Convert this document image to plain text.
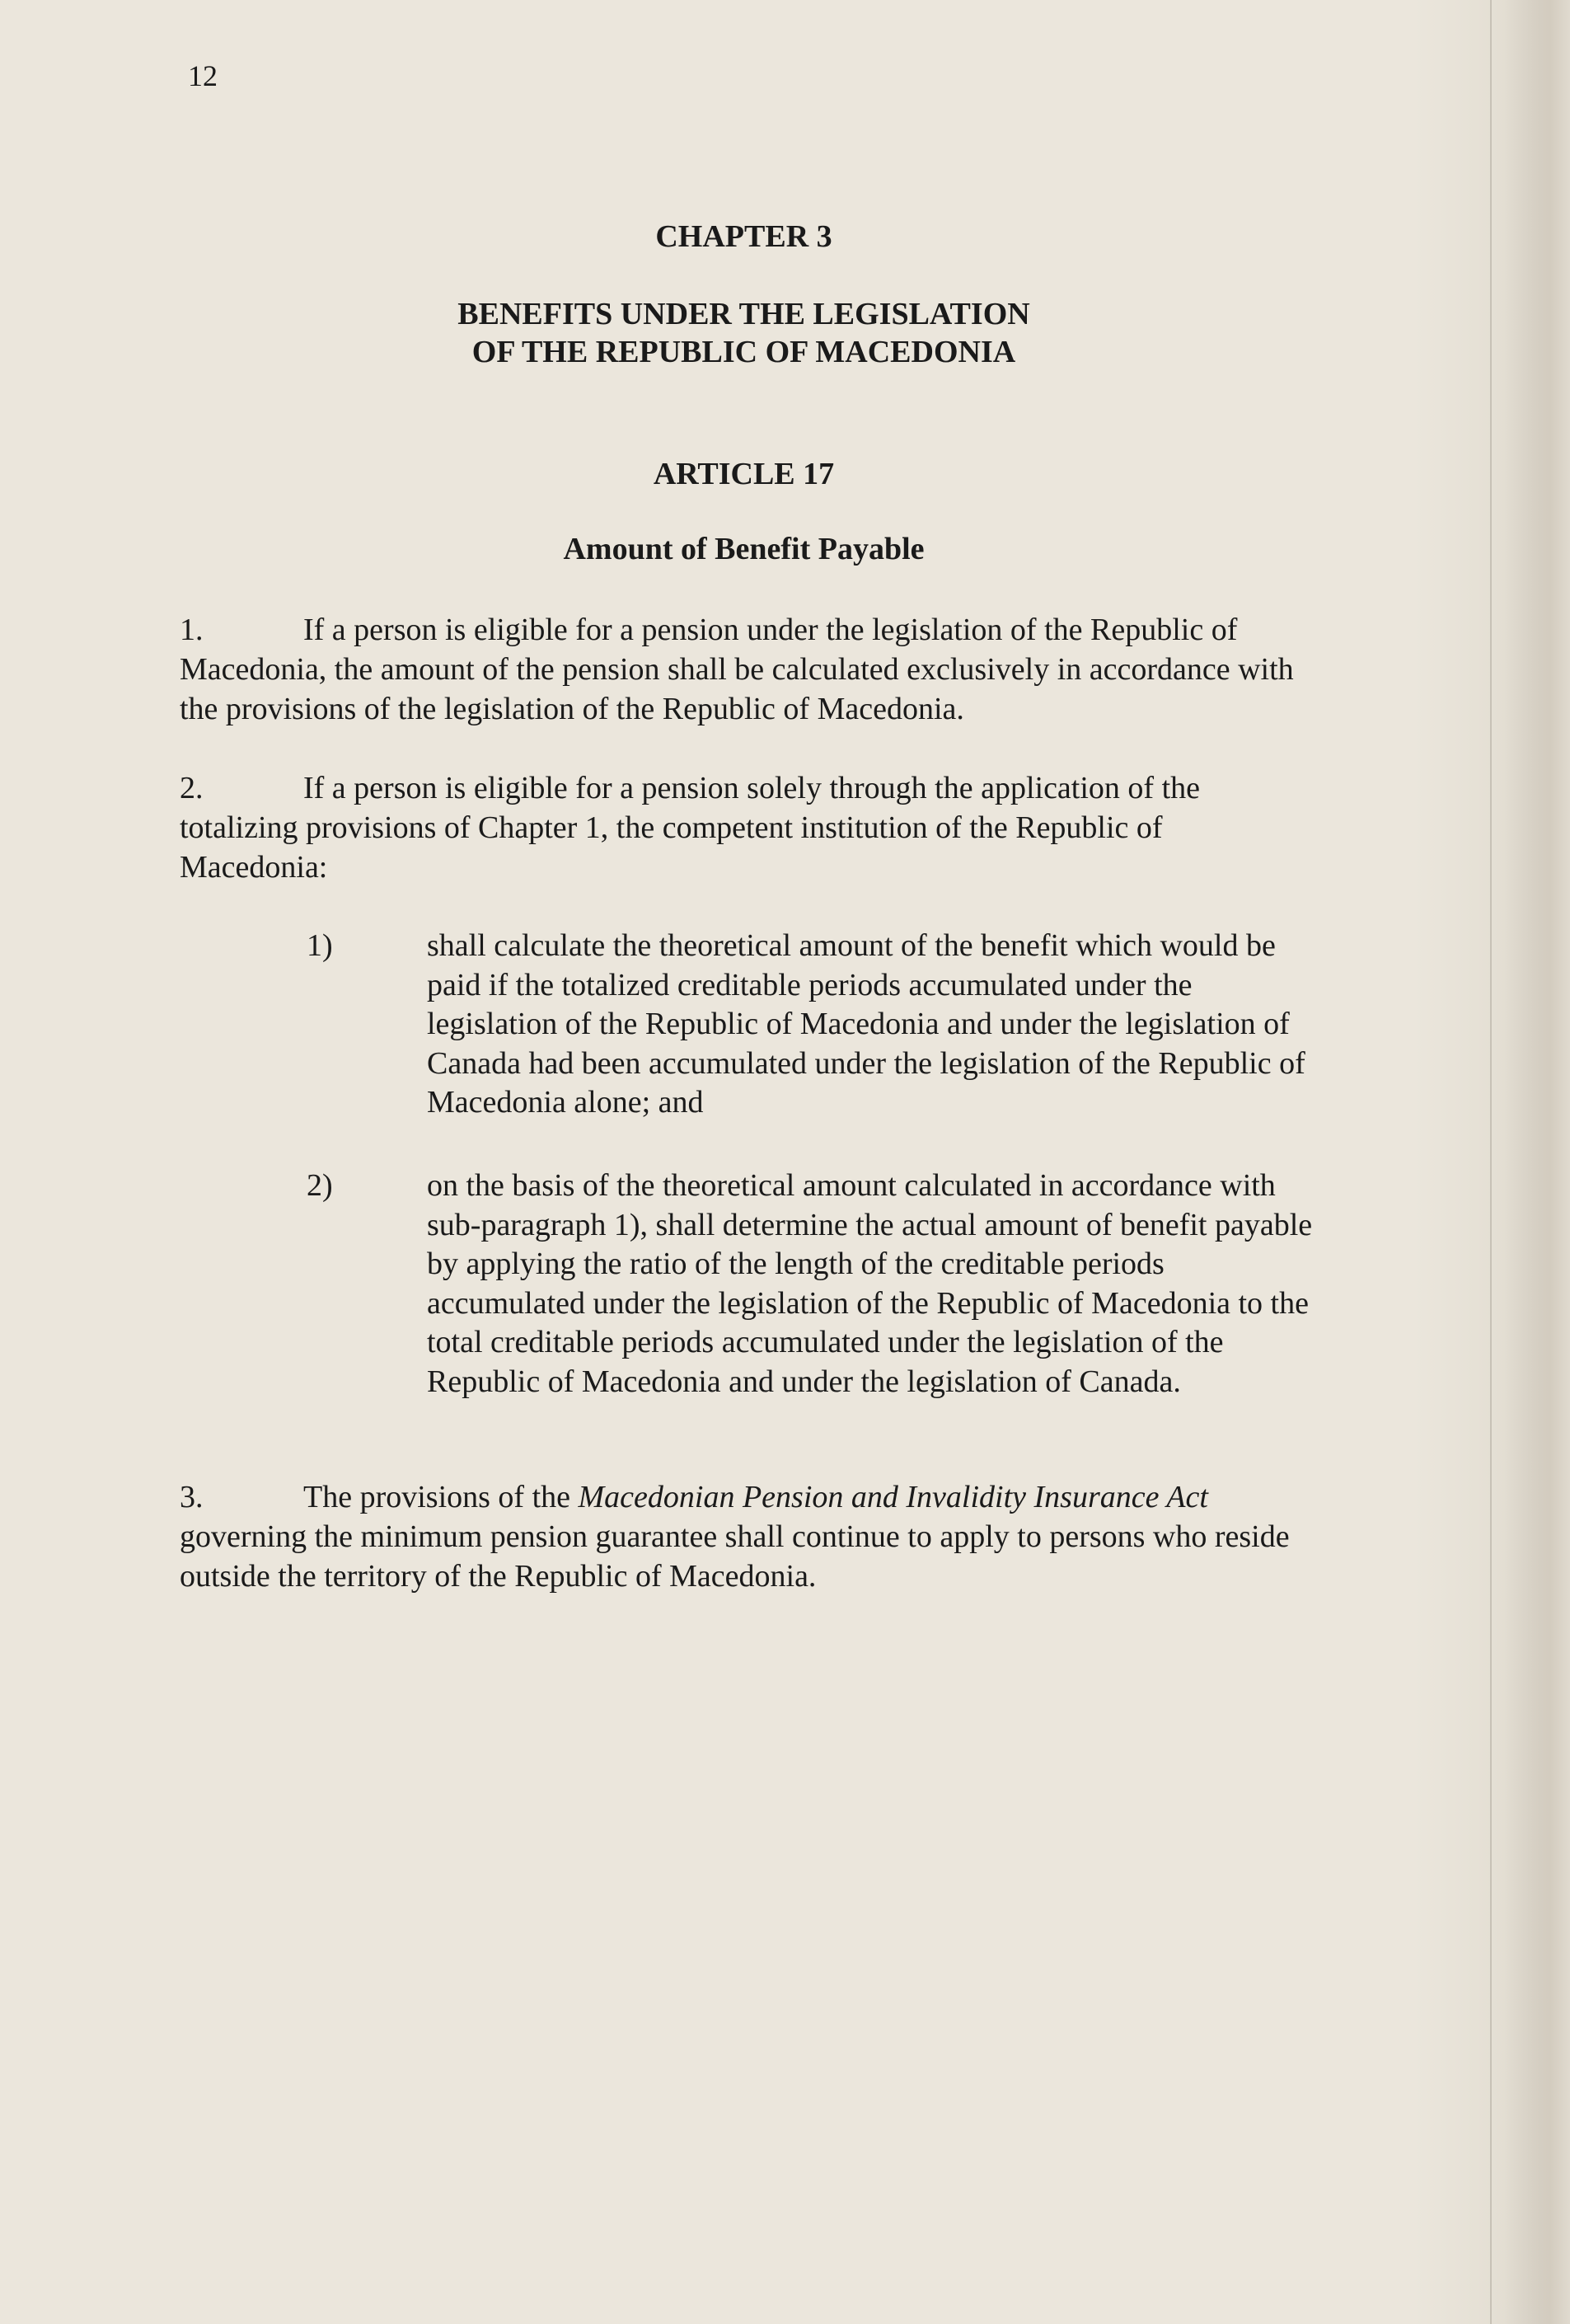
12
CHAPTER 3
BENEFITS UNDER THE LEGISLATION
OF THE REPUBLIC OF MACEDONIA
ARTICLE 17
Amount of Benefit Payable
1.	If a person is eligible for a pension under the legislation of the Republic of Macedonia, the amount of the pension shall be calculated exclusively in accordance with the provisions of the legislation of the Republic of Macedonia.
2.	If a person is eligible for a pension solely through the application of the totalizing provisions of Chapter 1, the competent institution of the Republic of Macedonia:
1)	shall calculate the theoretical amount of the benefit which would be paid if the totalized creditable periods accumulated under the legislation of the Republic of Macedonia and under the legislation of Canada had been accumulated under the legislation of the Republic of Macedonia alone; and
2)	on the basis of the theoretical amount calculated in accordance with sub-paragraph 1), shall determine the actual amount of benefit payable by applying the ratio of the length of the creditable periods accumulated under the legislation of the Republic of Macedonia to the total creditable periods accumulated under the legislation of the Republic of Macedonia and under the legislation of Canada.
3.	The provisions of the Macedonian Pension and Invalidity Insurance Act governing the minimum pension guarantee shall continue to apply to persons who reside outside the territory of the Republic of Macedonia.
